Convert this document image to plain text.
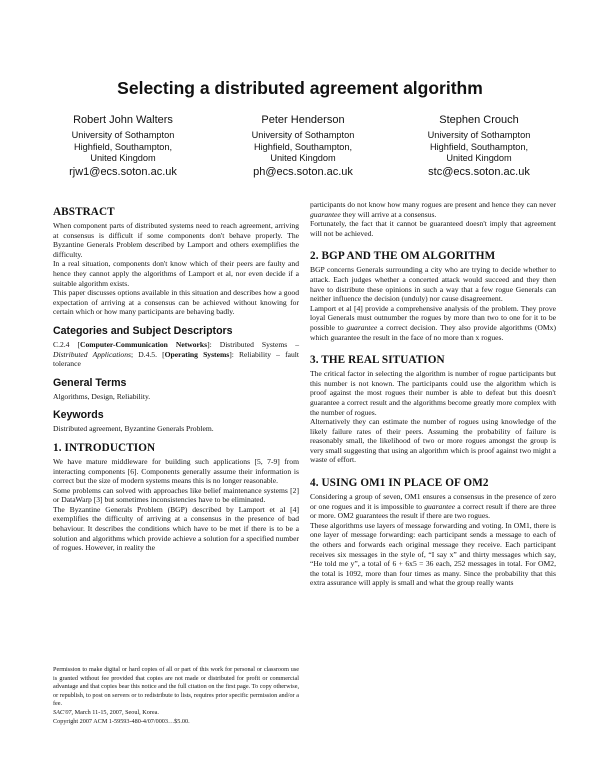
Selecting a distributed agreement algorithm
Robert John Walters
University of Sothampton
Highfield, Southampton,
United Kingdom
rjw1@ecs.soton.ac.uk
Peter Henderson
University of Sothampton
Highfield, Southampton,
United Kingdom
ph@ecs.soton.ac.uk
Stephen Crouch
University of Sothampton
Highfield, Southampton,
United Kingdom
stc@ecs.soton.ac.uk
ABSTRACT

When component parts of distributed systems need to reach agreement, arriving at consensus is difficult if some components don't behave properly. The Byzantine Generals Problem described by Lamport and others exemplifies the difficulty.

In a real situation, components don't know which of their peers are faulty and hence they cannot apply the algorithms of Lamport et al, nor even decide if a suitable algorithm exists.

This paper discusses options available in this situation and describes how a good expectation of arriving at a consensus can be achieved without knowing for certain which or how many participants are behaving badly.

Categories and Subject Descriptors

C.2.4 [Computer-Communication Networks]: Distributed Systems – Distributed Applications; D.4.5. [Operating Systems]: Reliability – fault tolerance

General Terms

Algorithms, Design, Reliability.

Keywords

Distributed agreement, Byzantine Generals Problem.

1. INTRODUCTION

We have mature middleware for building such applications [5, 7-9] from interacting components [6]. Components generally assume their information is correct but the size of modern systems means this is no longer reasonable.

Some problems can solved with approaches like belief maintenance systems [2] or DataWarp [3] but sometimes inconsistencies have to be eliminated.

The Byzantine Generals Problem (BGP) described by Lamport et al [4] exemplifies the difficulty of arriving at a consensus in the presence of bad behaviour. It describes the conditions which have to be met if there is to be a solution and algorithms which provide achieve a solution for a specified number of rogues. However, in reality the

Permission to make digital or hard copies of all or part of this work for personal or classroom use is granted without fee provided that copies are not made or distributed for profit or commercial advantage and that copies bear this notice and the full citation on the first page. To copy otherwise, or republish, to post on servers or to redistribute to lists, requires prior specific permission and/or a fee.

SAC'07, March 11-15, 2007, Seoul, Korea.

Copyright 2007 ACM 1-59593-480-4/07/0003…$5.00.

participants do not know how many rogues are present and hence they can never guarantee they will arrive at a consensus.

Fortunately, the fact that it cannot be guaranteed doesn't imply that agreement will not be achieved.

2. BGP AND THE OM ALGORITHM

BGP concerns Generals surrounding a city who are trying to decide whether to attack. Each judges whether a concerted attack would succeed and they then have to distribute these opinions in such a way that a few rogue Generals can neither influence the decision (unduly) nor cause disagreement.

Lamport et al [4] provide a comprehensive analysis of the problem. They prove loyal Generals must outnumber the rogues by more than two to one for it to be possible to guarantee a correct decision. They also provide algorithms (OMx) which guarantee the result in the face of no more than x rogues.

3. THE REAL SITUATION

The critical factor in selecting the algorithm is number of rogue participants but this number is not known. The participants could use the algorithm which is proof against the most rogues their number is able to defeat but this doesn't guarantee a correct result and the algorithms become greatly more complex with the number of rogues.

Alternatively they can estimate the number of rogues using knowledge of the likely failure rates of their peers. Assuming the probability of failure is reasonably small, the likelihood of two or more rogues amongst the group is very small suggesting that using an algorithm which is proof against two might a waste of effort.

4. USING OM1 IN PLACE OF OM2

Considering a group of seven, OM1 ensures a consensus in the presence of zero or one rogues and it is impossible to guarantee a correct result if there are three or more. OM2 guarantees the result if there are two rogues.

These algorithms use layers of message forwarding and voting. In OM1, there is one layer of message forwarding: each participant sends a message to each of the others and forwards each original message they receive. Each participant receives six messages in the style of, “I say x” and thirty messages which say, “He told me y”, a total of 6 + 6x5 = 36 each, 252 messages in total. For OM2, the total is 1092, more than four times as many. Since the probability that this extra assurance will apply is small and what the group really wants
